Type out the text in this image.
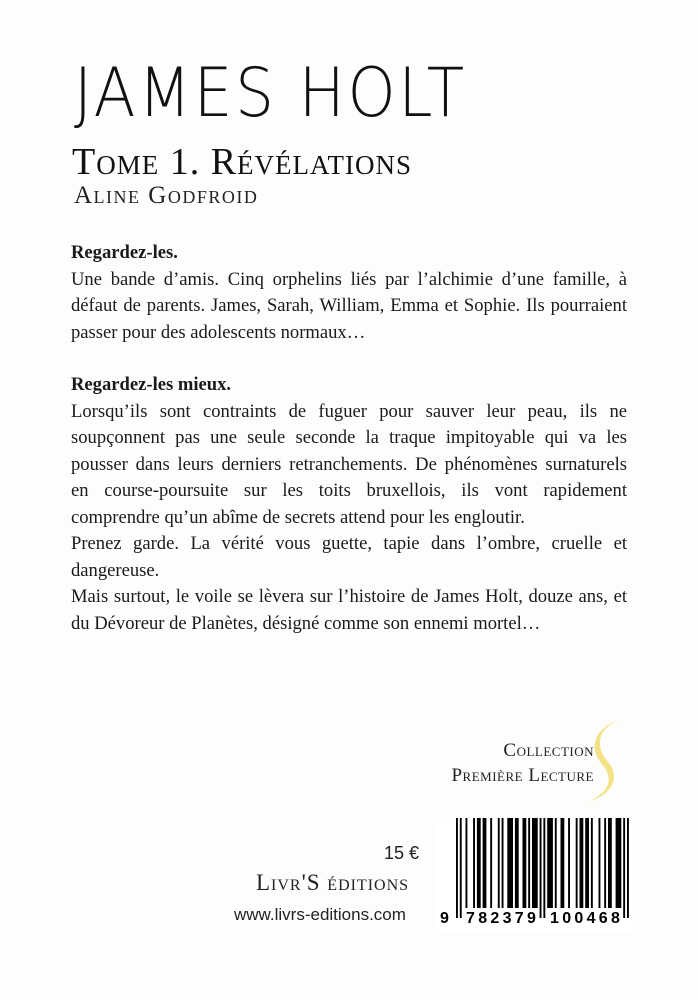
JAMES HOLT
Tome 1. Révélations
Aline Godfroid

Regardez-les.

Une bande d’amis. Cinq orphelins liés par l’alchimie d’une famille, à défaut de parents. James, Sarah, William, Emma et Sophie. Ils pourraient passer pour des adolescents normaux…

Regardez-les mieux.

Lorsqu’ils sont contraints de fuguer pour sauver leur peau, ils ne soupçonnent pas une seule seconde la traque impitoyable qui va les pousser dans leurs derniers retranchements. De phénomènes surnaturels en course-poursuite sur les toits bruxellois, ils vont rapidement comprendre qu’un abîme de secrets attend pour les engloutir.

Prenez garde. La vérité vous guette, tapie dans l’ombre, cruelle et dangereuse.

Mais surtout, le voile se lèvera sur l’histoire de James Holt, douze ans, et du Dévoreur de Planètes, désigné comme son ennemi mortel…

Collection
Première Lecture
15 €
Livr'S éditions
www.livrs-editions.com 9 782379 100468
